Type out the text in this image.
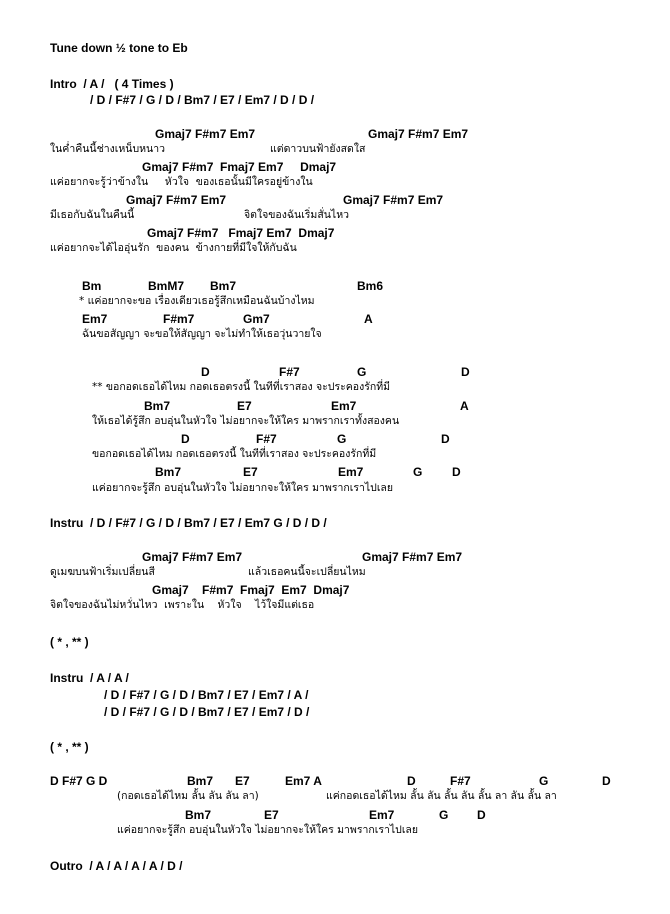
Tune down ½ tone to Eb
Intro  / A /   ( 4 Times )
/ D / F#7 / G / D / Bm7 / E7 / Em7 / D / D /
Gmaj7 F#m7 Em7	Gmaj7 F#m7 Em7
ในค่ำคืนนี้ช่างเหน็บหนาว	แต่ดาวบนฟ้ายังสดใส
Gmaj7 F#m7  Fmaj7 Em7     Dmaj7
แค่อยากจะรู้ว่าข้างใน     หัวใจ  ของเธอนั้นมีใครอยู่ข้างใน
Gmaj7 F#m7 Em7	Gmaj7 F#m7 Em7
มีเธอกับฉันในคืนนี้	จิตใจของฉันเริ่มสั่นไหว
Gmaj7 F#m7   Fmaj7 Em7  Dmaj7
แค่อยากจะได้ไออุ่นรัก  ของคน  ข้างกายที่มีใจให้กับฉัน
Bm	BmM7 Bm7	Bm6
* แค่อยากจะขอ เรื่องเดียวเธอรู้สึกเหมือนฉันบ้างไหม
Em7	F#m7	Gm7	A
ฉันขอสัญญา จะขอให้สัญญา จะไม่ทำให้เธอวุ่นวายใจ
D	F#7	G	D
** ขอกอดเธอได้ไหม กอดเธอตรงนี้ ในทีที่เราสอง จะประคองรักที่มี
Bm7	E7	Em7	A
ให้เธอได้รู้สึก อบอุ่นในหัวใจ ไม่อยากจะให้ใคร มาพรากเราทั้งสองคน
D	F#7	G	D
ขอกอดเธอได้ไหม กอดเธอตรงนี้ ในทีที่เราสอง จะประคองรักที่มี
Bm7	E7	Em7	G D
แค่อยากจะรู้สึก อบอุ่นในหัวใจ ไม่อยากจะให้ใคร มาพรากเราไปเลย
Instru  / D / F#7 / G / D / Bm7 / E7 / Em7 G / D / D /
Gmaj7 F#m7 Em7	Gmaj7 F#m7 Em7
ดูเมฆบนฟ้าเริ่มเปลี่ยนสี	แล้วเธอคนนี้จะเปลี่ยนไหม
Gmaj7    F#m7  Fmaj7  Em7  Dmaj7
จิตใจของฉันไม่หวั่นไหว  เพราะใน    หัวใจ    ไว้ใจมีแต่เธอ
( * , ** )
Instru  / A / A /
/ D / F#7 / G / D / Bm7 / E7 / Em7 / A /
/ D / F#7 / G / D / Bm7 / E7 / Em7 / D /
( * , ** )
D F#7 G D	Bm7 E7	Em7 A	D	F#7	G	D
(กอดเธอได้ไหม ลั้น ลัน ลัน ลา)	แค่กอดเธอได้ไหม ลั้น ลัน ลั้น ลัน ลั้น ลา ลัน ลั้น ลา
Bm7	E7	Em7	G D
แค่อยากจะรู้สึก อบอุ่นในหัวใจ ไม่อยากจะให้ใคร มาพรากเราไปเลย
Outro  / A / A / A / A / D /
